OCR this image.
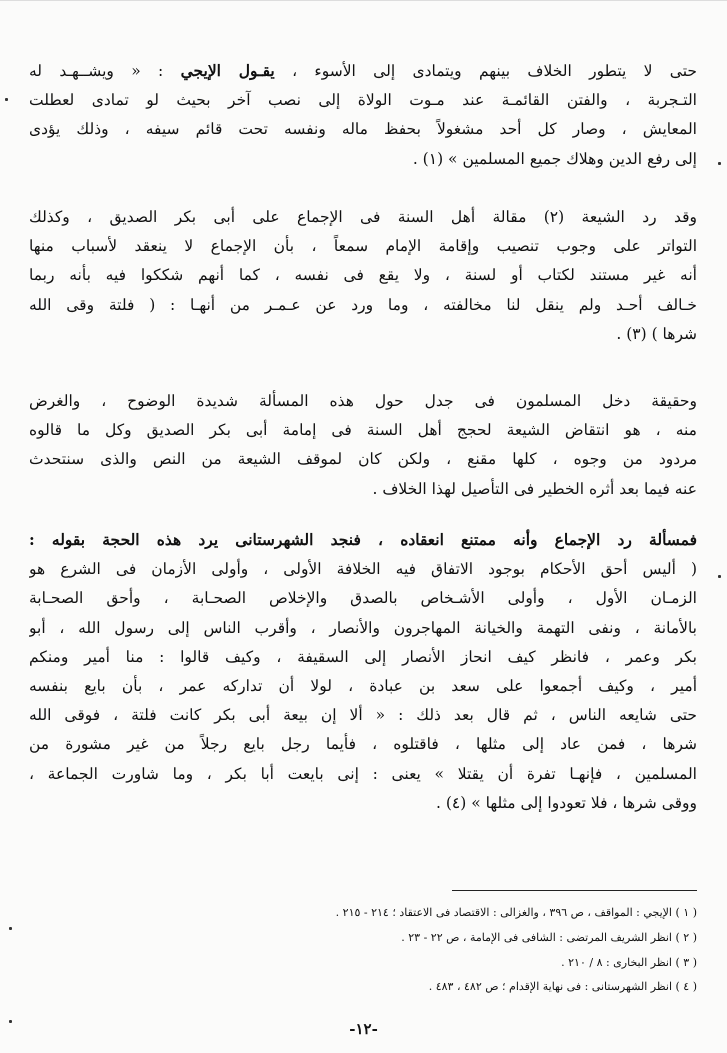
حتى لا يتطور الخلاف بينهم ويتمادى إلى الأسوء ، يقـول الإيجي : « ويشــهـد له
التـجربة ، والفتن القائمـة عند مـوت الولاة إلى نصب آخر بحيث لو تمادى لعطلت
المعايش ، وصار كل أحد مشغولاً بحفظ ماله ونفسه تحت قائم سيفه ، وذلك يؤدى
إلى رفع الدين وهلاك جميع المسلمين » (١) .
وقد رد الشيعة (٢) مقالة أهل السنة فى الإجماع على أبى بكر الصديق ، وكذلك
التواتر على وجوب تنصيب وإقامة الإمام سمعاً ، بأن الإجماع لا ينعقد لأسباب منها
أنه غير مستند لكتاب أو لسنة ، ولا يقع فى نفسه ، كما أنهم شككوا فيه بأنه ربما
خـالف أحـد ولم ينقل لنا مخالفته ، وما ورد عن عـمـر من أنهـا : ( فلتة وقى الله
شرها ) (٣) .
وحقيقة دخل المسلمون فى جدل حول هذه المسألة شديدة الوضوح ، والغرض
منه ، هو انتقاض الشيعة لحجج أهل السنة فى إمامة أبى بكر الصديق وكل ما قالوه
مردود من وجوه ، كلها مقنع ، ولكن كان لموقف الشيعة من النص والذى سنتحدث
عنه فيما بعد أثره الخطير فى التأصيل لهذا الخلاف .
فمسألة رد الإجماع وأنه ممتنع انعقاده ، فنجد الشهرستانى يرد هذه الحجة بقوله :
( أليس أحق الأحكام بوجود الاتفاق فيه الخلافة الأولى ، وأولى الأزمان فى الشرع هو
الزمـان الأول ، وأولى الأشـخاص بالصدق والإخلاص الصحـابة ، وأحق الصحـابة
بالأمانة ، ونفى التهمة والخيانة المهاجرون والأنصار ، وأقرب الناس إلى رسول الله ، أبو
بكر وعمر ، فانظر كيف انحاز الأنصار إلى السقيفة ، وكيف قالوا : منا أمير ومنكم
أمير ، وكيف أجمعوا على سعد بن عبادة ، لولا أن تداركه عمر ، بأن بايع بنفسه
حتى شايعه الناس ، ثم قال بعد ذلك : « ألا إن بيعة أبى بكر كانت فلتة ، فوقى الله
شرها ، فمن عاد إلى مثلها ، فاقتلوه ، فأيما رجل بايع رجلاً من غير مشورة من
المسلمين ، فإنهـا تفرة أن يقتلا » يعنى : إنى بايعت أبا بكر ، وما شاورت الجماعة ،
ووقى شرها ، فلا تعودوا إلى مثلها » (٤) .
( ١ ) الإيجي : المواقف ، ص ٣٩٦ ، والغزالى : الاقتصاد فى الاعتقاد ؛ ٢١٤ - ٢١٥ .
( ٢ ) انظر الشريف المرتضى : الشافى فى الإمامة ، ص ٢٢ - ٢٣ .
( ٣ ) انظر البخارى : ٨ / ٢١٠ .
( ٤ ) انظر الشهرستانى : فى نهاية الإقدام ؛ ص ٤٨٢ ، ٤٨٣ .
-١٢-
